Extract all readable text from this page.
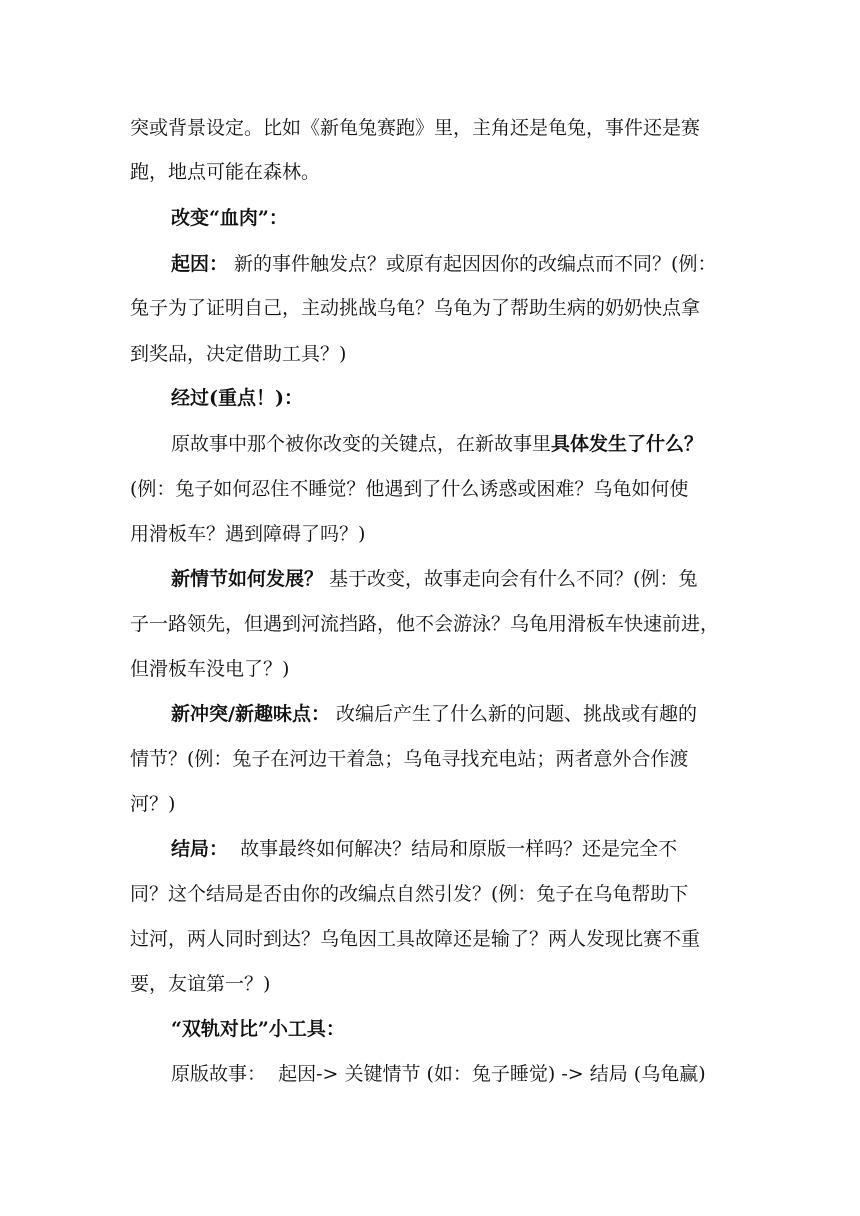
突或背景设定。比如《新龟兔赛跑》里，主角还是龟兔，事件还是赛
跑，地点可能在森林。
改变“血肉”：
起因： 新的事件触发点？或原有起因因你的改编点而不同？(例：
兔子为了证明自己，主动挑战乌龟？乌龟为了帮助生病的奶奶快点拿
到奖品，决定借助工具？)
经过(重点！)：
原故事中那个被你改变的关键点，在新故事里具体发生了什么？
(例：兔子如何忍住不睡觉？他遇到了什么诱惑或困难？乌龟如何使
用滑板车？遇到障碍了吗？)
新情节如何发展？ 基于改变，故事走向会有什么不同？(例：兔
子一路领先，但遇到河流挡路，他不会游泳？乌龟用滑板车快速前进，
但滑板车没电了？)
新冲突/新趣味点： 改编后产生了什么新的问题、挑战或有趣的
情节？(例：兔子在河边干着急；乌龟寻找充电站；两者意外合作渡
河？)
结局：  故事最终如何解决？结局和原版一样吗？还是完全不
同？这个结局是否由你的改编点自然引发？(例：兔子在乌龟帮助下
过河，两人同时到达？乌龟因工具故障还是输了？两人发现比赛不重
要，友谊第一？)
“双轨对比”小工具：
原版故事：  起因-> 关键情节 (如：兔子睡觉) -> 结局 (乌龟赢)
